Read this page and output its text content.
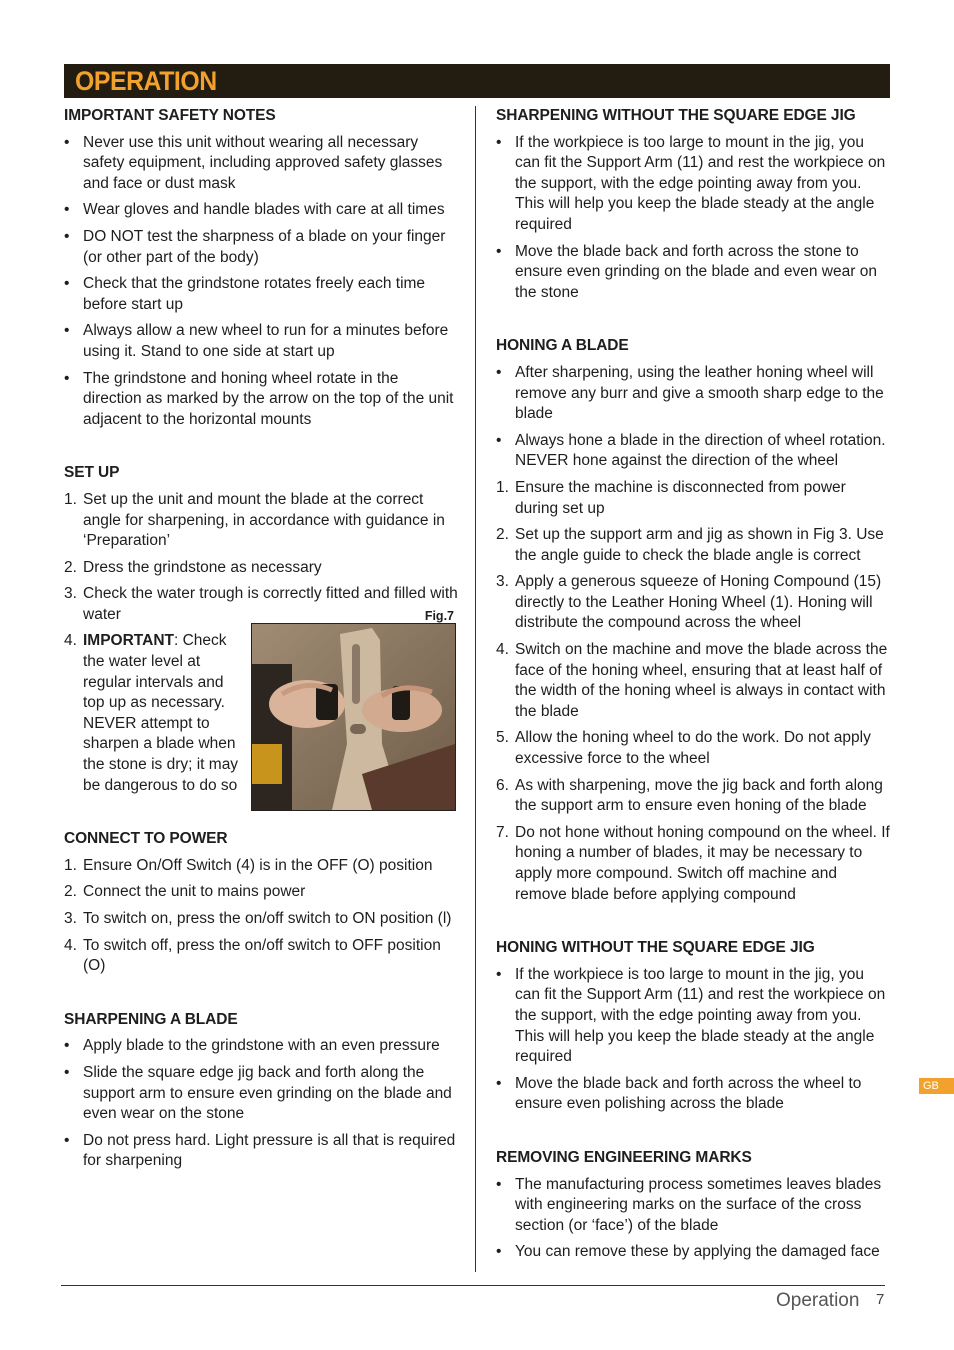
OPERATION
IMPORTANT SAFETY NOTES
• Never use this unit without wearing all necessary safety equipment, including approved safety glasses and face or dust mask
• Wear gloves and handle blades with care at all times
• DO NOT test the sharpness of a blade on your finger (or other part of the body)
• Check that the grindstone rotates freely each time before start up
• Always allow a new wheel to run for a minutes before using it. Stand to one side at start up
• The grindstone and honing wheel rotate in the direction as marked by the arrow on the top of the unit adjacent to the horizontal mounts
SET UP
1. Set up the unit and mount the blade at the correct angle for sharpening, in accordance with guidance in ‘Preparation’
2. Dress the grindstone as necessary
3. Check the water trough is correctly fitted and filled with water	Fig.7
4. IMPORTANT: Check the water level at regular intervals and top up as necessary. NEVER attempt to sharpen a blade when the stone is dry; it may be dangerous to do so
CONNECT TO POWER
1. Ensure On/Off Switch (4) is in the OFF (O) position
2. Connect the unit to mains power
3. To switch on, press the on/off switch to ON position (l)
4. To switch off, press the on/off switch to OFF position (O)
SHARPENING A BLADE
• Apply blade to the grindstone with an even pressure
• Slide the square edge jig back and forth along the support arm to ensure even grinding on the blade and even wear on the stone
• Do not press hard. Light pressure is all that is required for sharpening
SHARPENING WITHOUT THE SQUARE EDGE JIG
• If the workpiece is too large to mount in the jig, you can fit the Support Arm (11) and rest the workpiece on the support, with the edge pointing away from you. This will help you keep the blade steady at the angle required
• Move the blade back and forth across the stone to ensure even grinding on the blade and even wear on the stone
HONING A BLADE
• After sharpening, using the leather honing wheel will remove any burr and give a smooth sharp edge to the blade
• Always hone a blade in the direction of wheel rotation. NEVER hone against the direction of the wheel
1. Ensure the machine is disconnected from power during set up
2. Set up the support arm and jig as shown in Fig 3. Use the angle guide to check the blade angle is correct
3. Apply a generous squeeze of Honing Compound (15) directly to the Leather Honing Wheel (1). Honing will distribute the compound across the wheel
4. Switch on the machine and move the blade across the face of the honing wheel, ensuring that at least half of the width of the honing wheel is always in contact with the blade
5. Allow the honing wheel to do the work. Do not apply excessive force to the wheel
6. As with sharpening, move the jig back and forth along the support arm to ensure even honing of the blade
7. Do not hone without honing compound on the wheel. If honing a number of blades, it may be necessary to apply more compound. Switch off machine and remove blade before applying compound
HONING WITHOUT THE SQUARE EDGE JIG
• If the workpiece is too large to mount in the jig, you can fit the Support Arm (11) and rest the workpiece on the support, with the edge pointing away from you. This will help you keep the blade steady at the angle required
• Move the blade back and forth across the wheel to ensure even polishing across the blade
REMOVING ENGINEERING MARKS
• The manufacturing process sometimes leaves blades with engineering marks on the surface of the cross section (or ‘face’) of the blade
• You can remove these by applying the damaged face
GB
Operation 7
